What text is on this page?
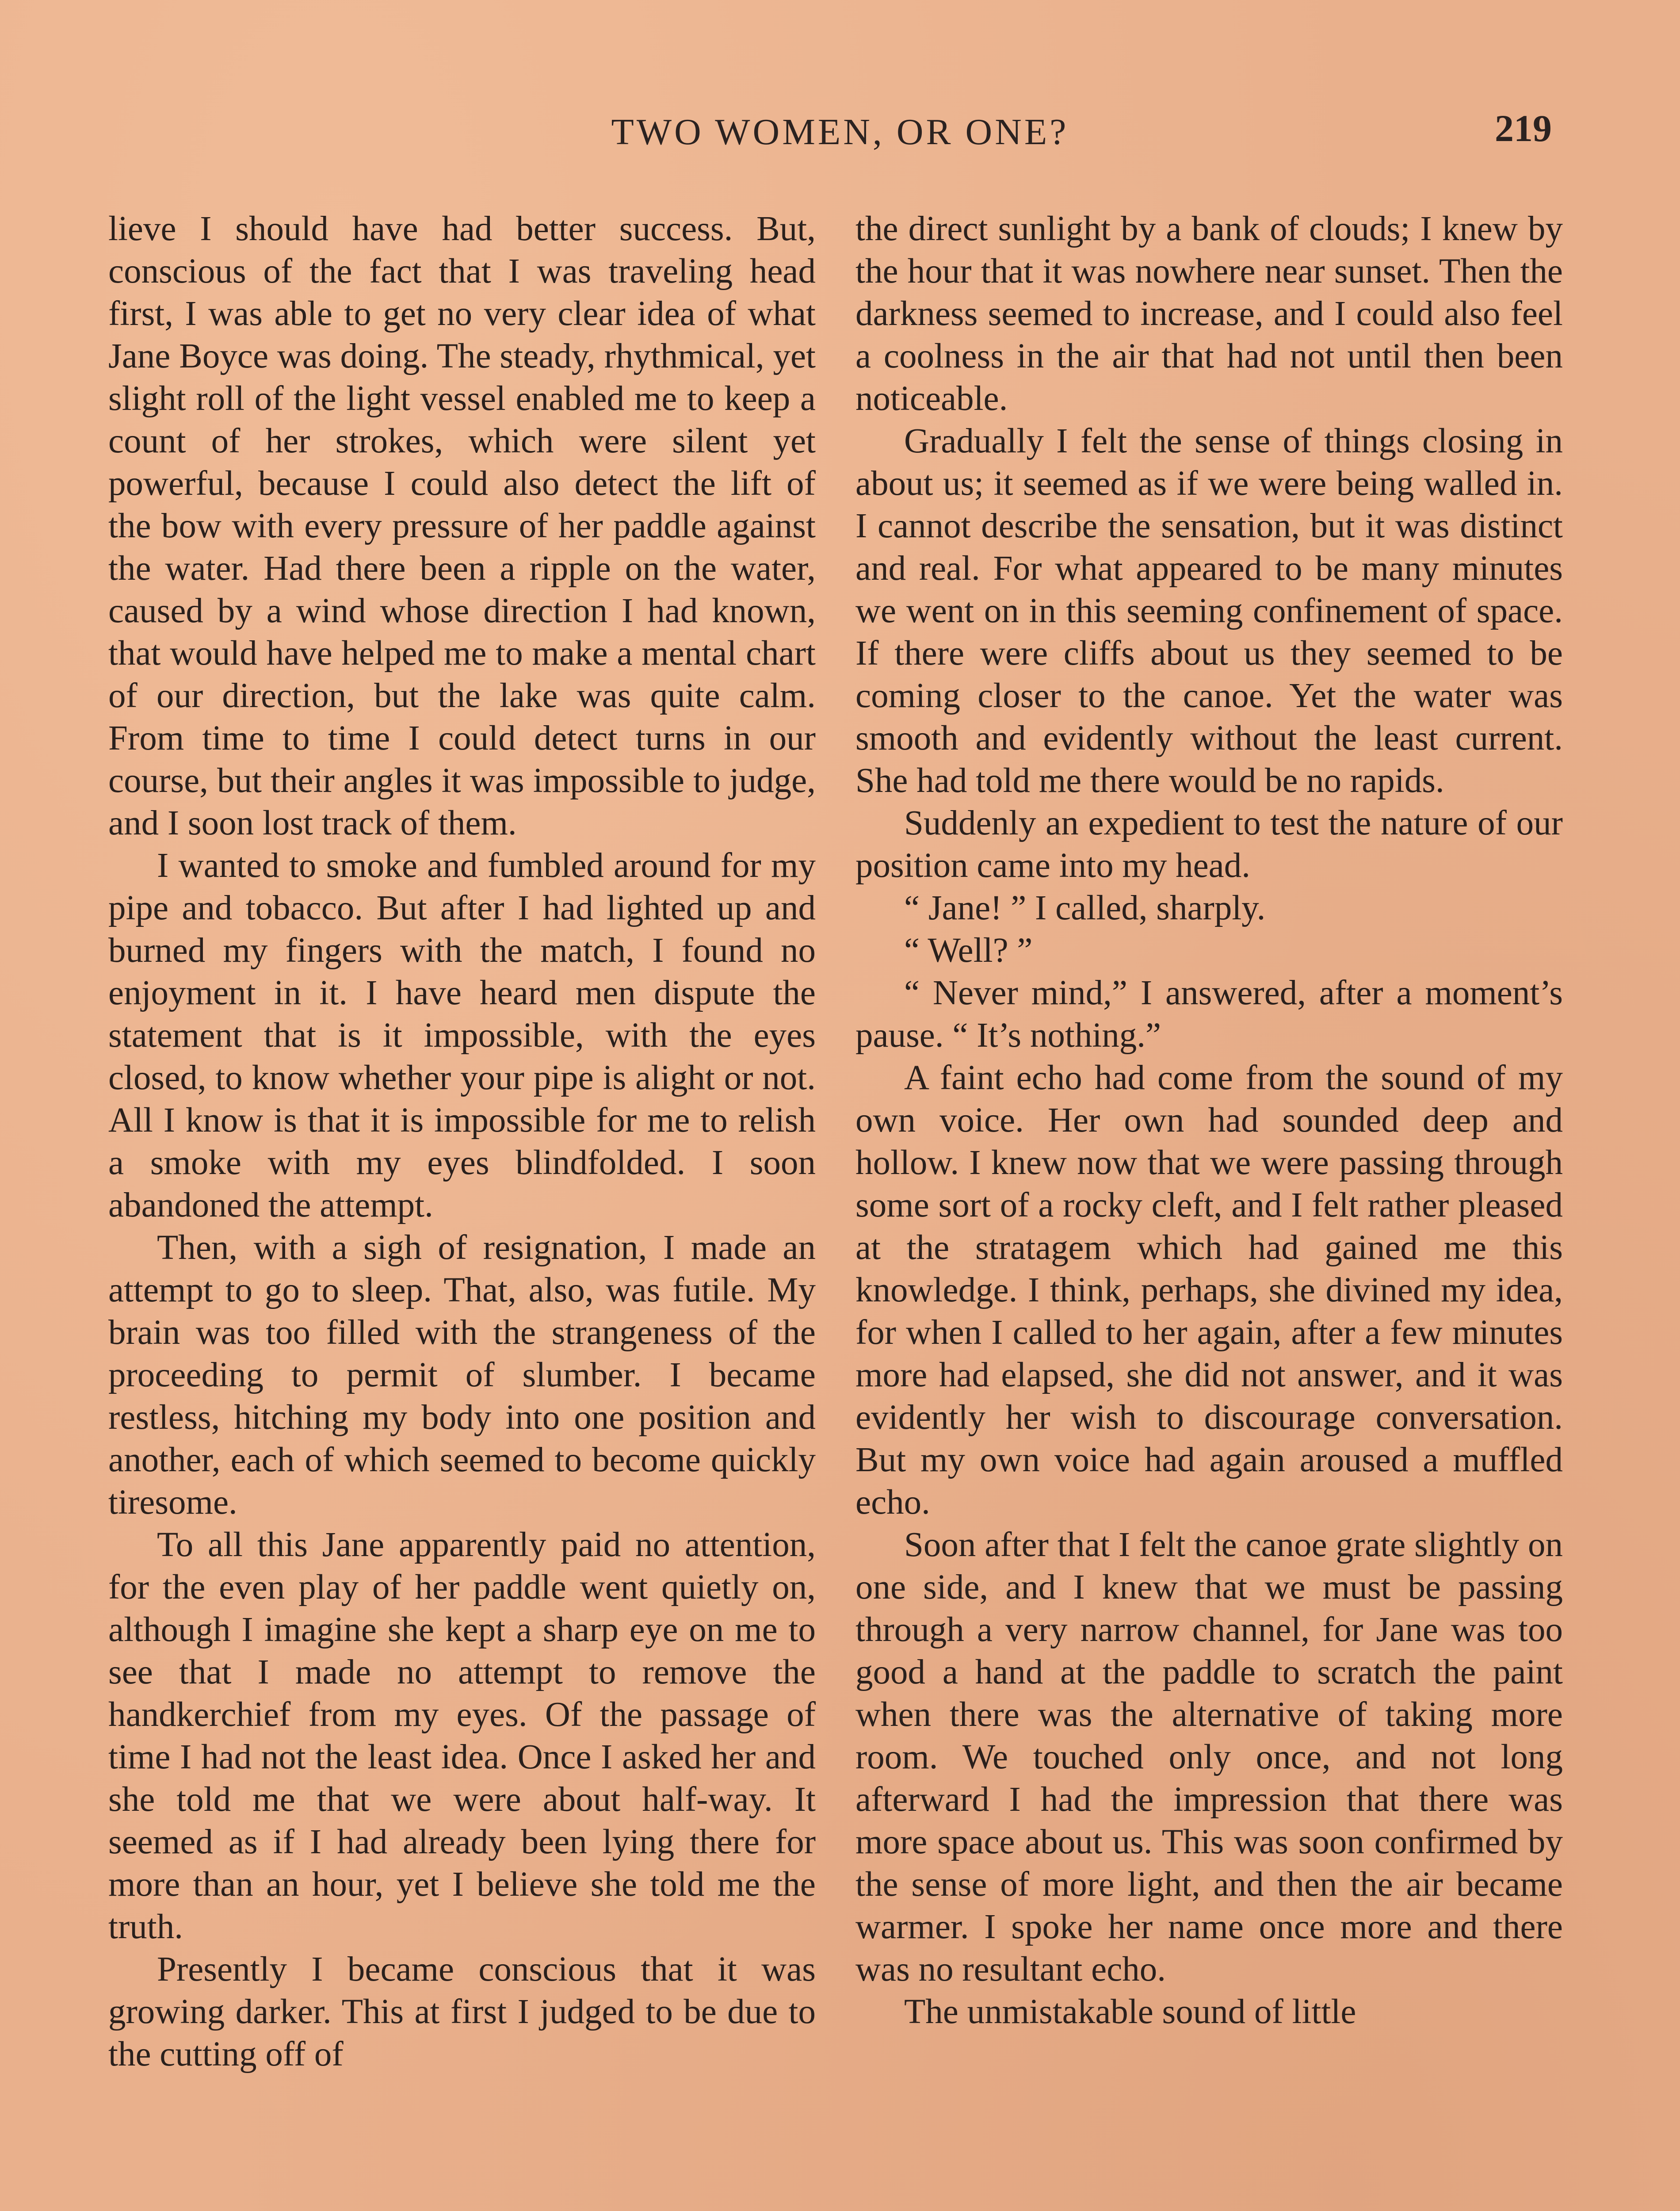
TWO WOMEN, OR ONE?	219

lieve I should have had better success. But, conscious of the fact that I was traveling head first, I was able to get no very clear idea of what Jane Boyce was doing. The steady, rhythmical, yet slight roll of the light vessel enabled me to keep a count of her strokes, which were silent yet powerful, because I could also detect the lift of the bow with every pressure of her paddle against the water. Had there been a ripple on the water, caused by a wind whose direction I had known, that would have helped me to make a mental chart of our direction, but the lake was quite calm. From time to time I could detect turns in our course, but their angles it was impossible to judge, and I soon lost track of them.

I wanted to smoke and fumbled around for my pipe and tobacco. But after I had lighted up and burned my fingers with the match, I found no enjoyment in it. I have heard men dispute the statement that is it impossible, with the eyes closed, to know whether your pipe is alight or not. All I know is that it is impossible for me to relish a smoke with my eyes blindfolded. I soon abandoned the attempt.

Then, with a sigh of resignation, I made an attempt to go to sleep. That, also, was futile. My brain was too filled with the strangeness of the proceeding to permit of slumber. I became restless, hitching my body into one position and another, each of which seemed to become quickly tiresome.

To all this Jane apparently paid no attention, for the even play of her paddle went quietly on, although I imagine she kept a sharp eye on me to see that I made no attempt to remove the handkerchief from my eyes. Of the passage of time I had not the least idea. Once I asked her and she told me that we were about half-way. It seemed as if I had already been lying there for more than an hour, yet I believe she told me the truth.

Presently I became conscious that it was growing darker. This at first I judged to be due to the cutting off of

the direct sunlight by a bank of clouds; I knew by the hour that it was nowhere near sunset. Then the darkness seemed to increase, and I could also feel a coolness in the air that had not until then been noticeable.

Gradually I felt the sense of things closing in about us; it seemed as if we were being walled in. I cannot describe the sensation, but it was distinct and real. For what appeared to be many minutes we went on in this seeming confinement of space. If there were cliffs about us they seemed to be coming closer to the canoe. Yet the water was smooth and evidently without the least current. She had told me there would be no rapids.

Suddenly an expedient to test the nature of our position came into my head.

“ Jane! ” I called, sharply.

“ Well? ”

“ Never mind,” I answered, after a moment’s pause. “ It’s nothing.”

A faint echo had come from the sound of my own voice. Her own had sounded deep and hollow. I knew now that we were passing through some sort of a rocky cleft, and I felt rather pleased at the stratagem which had gained me this knowledge. I think, perhaps, she divined my idea, for when I called to her again, after a few minutes more had elapsed, she did not answer, and it was evidently her wish to discourage conversation. But my own voice had again aroused a muffled echo.

Soon after that I felt the canoe grate slightly on one side, and I knew that we must be passing through a very narrow channel, for Jane was too good a hand at the paddle to scratch the paint when there was the alternative of taking more room. We touched only once, and not long afterward I had the impression that there was more space about us. This was soon confirmed by the sense of more light, and then the air became warmer. I spoke her name once more and there was no resultant echo.

The unmistakable sound of little
